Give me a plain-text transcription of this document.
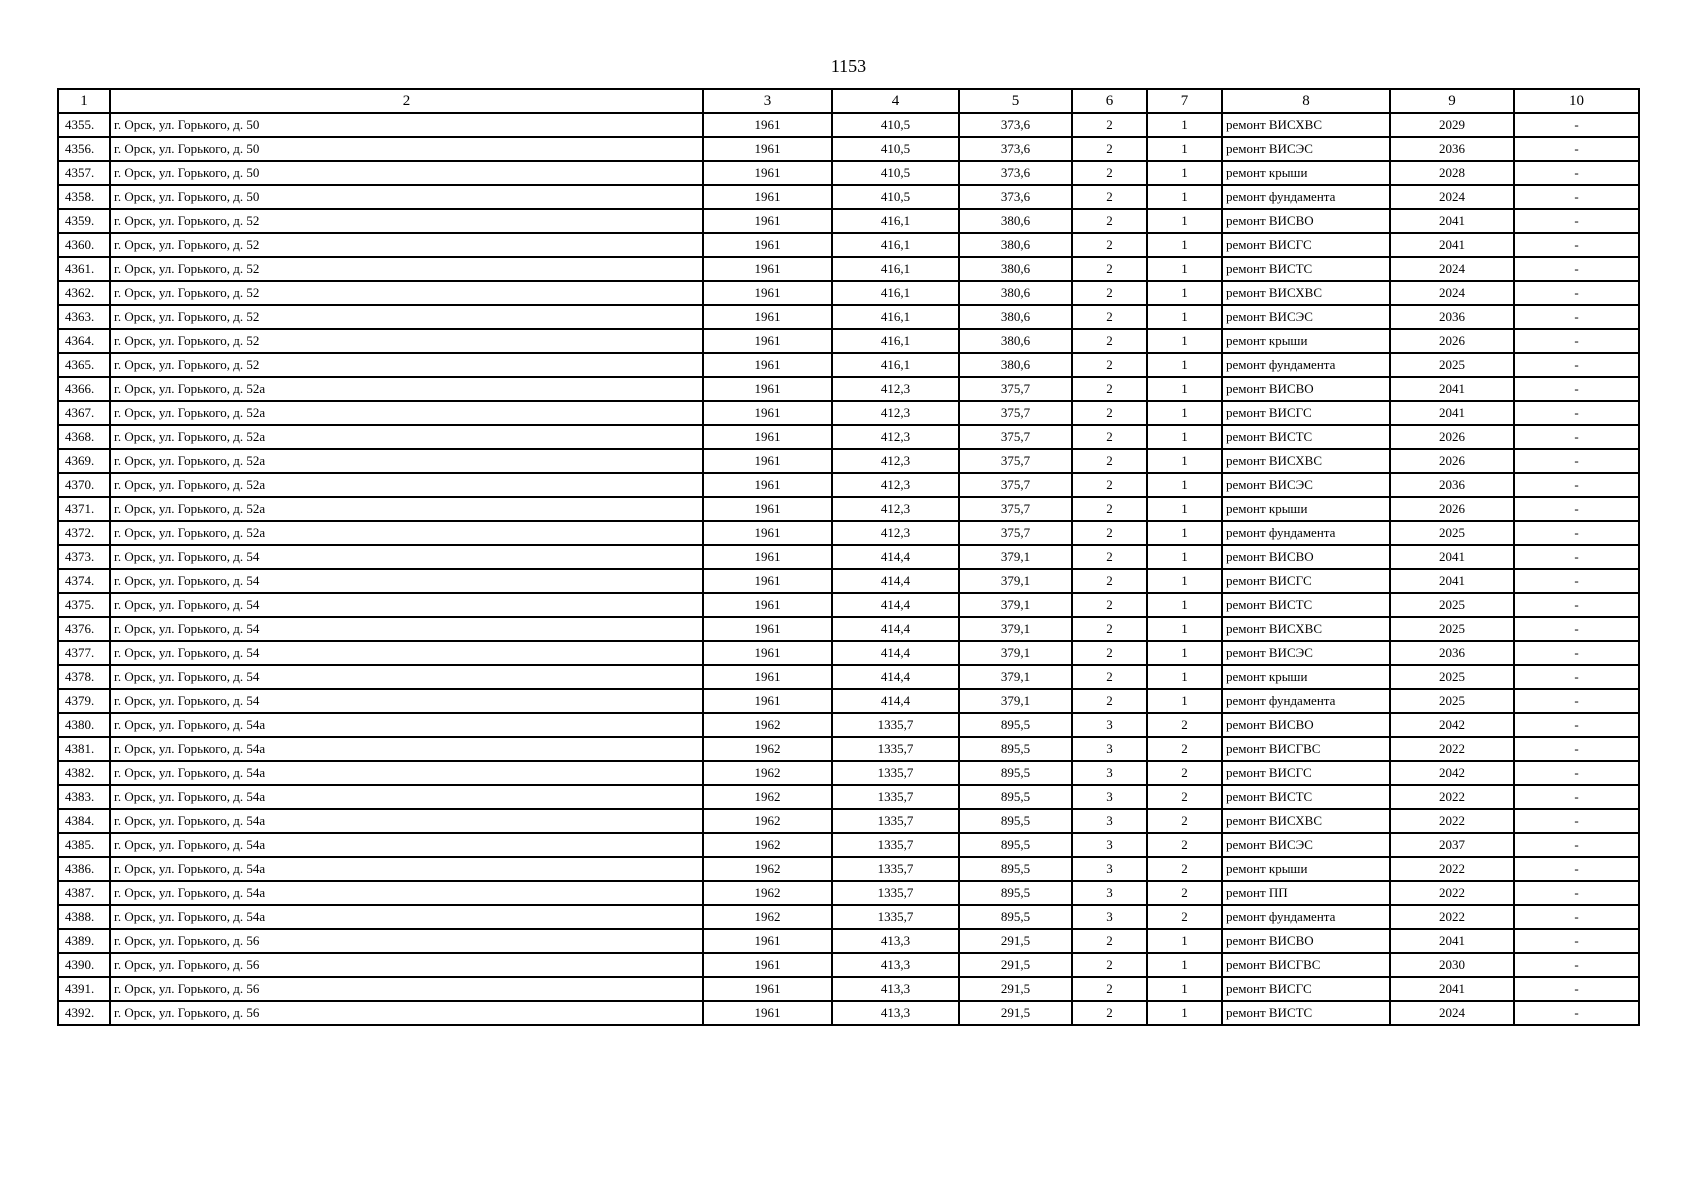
1153
1	2	3	4	5	6	7	8	9	10
4355.	г. Орск, ул. Горького, д. 50	1961	410,5	373,6	2	1	ремонт ВИСХВС	2029	-
4356.	г. Орск, ул. Горького, д. 50	1961	410,5	373,6	2	1	ремонт ВИСЭС	2036	-
4357.	г. Орск, ул. Горького, д. 50	1961	410,5	373,6	2	1	ремонт крыши	2028	-
4358.	г. Орск, ул. Горького, д. 50	1961	410,5	373,6	2	1	ремонт фундамента	2024	-
4359.	г. Орск, ул. Горького, д. 52	1961	416,1	380,6	2	1	ремонт ВИСВО	2041	-
4360.	г. Орск, ул. Горького, д. 52	1961	416,1	380,6	2	1	ремонт ВИСГС	2041	-
4361.	г. Орск, ул. Горького, д. 52	1961	416,1	380,6	2	1	ремонт ВИСТС	2024	-
4362.	г. Орск, ул. Горького, д. 52	1961	416,1	380,6	2	1	ремонт ВИСХВС	2024	-
4363.	г. Орск, ул. Горького, д. 52	1961	416,1	380,6	2	1	ремонт ВИСЭС	2036	-
4364.	г. Орск, ул. Горького, д. 52	1961	416,1	380,6	2	1	ремонт крыши	2026	-
4365.	г. Орск, ул. Горького, д. 52	1961	416,1	380,6	2	1	ремонт фундамента	2025	-
4366.	г. Орск, ул. Горького, д. 52а	1961	412,3	375,7	2	1	ремонт ВИСВО	2041	-
4367.	г. Орск, ул. Горького, д. 52а	1961	412,3	375,7	2	1	ремонт ВИСГС	2041	-
4368.	г. Орск, ул. Горького, д. 52а	1961	412,3	375,7	2	1	ремонт ВИСТС	2026	-
4369.	г. Орск, ул. Горького, д. 52а	1961	412,3	375,7	2	1	ремонт ВИСХВС	2026	-
4370.	г. Орск, ул. Горького, д. 52а	1961	412,3	375,7	2	1	ремонт ВИСЭС	2036	-
4371.	г. Орск, ул. Горького, д. 52а	1961	412,3	375,7	2	1	ремонт крыши	2026	-
4372.	г. Орск, ул. Горького, д. 52а	1961	412,3	375,7	2	1	ремонт фундамента	2025	-
4373.	г. Орск, ул. Горького, д. 54	1961	414,4	379,1	2	1	ремонт ВИСВО	2041	-
4374.	г. Орск, ул. Горького, д. 54	1961	414,4	379,1	2	1	ремонт ВИСГС	2041	-
4375.	г. Орск, ул. Горького, д. 54	1961	414,4	379,1	2	1	ремонт ВИСТС	2025	-
4376.	г. Орск, ул. Горького, д. 54	1961	414,4	379,1	2	1	ремонт ВИСХВС	2025	-
4377.	г. Орск, ул. Горького, д. 54	1961	414,4	379,1	2	1	ремонт ВИСЭС	2036	-
4378.	г. Орск, ул. Горького, д. 54	1961	414,4	379,1	2	1	ремонт крыши	2025	-
4379.	г. Орск, ул. Горького, д. 54	1961	414,4	379,1	2	1	ремонт фундамента	2025	-
4380.	г. Орск, ул. Горького, д. 54а	1962	1335,7	895,5	3	2	ремонт ВИСВО	2042	-
4381.	г. Орск, ул. Горького, д. 54а	1962	1335,7	895,5	3	2	ремонт ВИСГВС	2022	-
4382.	г. Орск, ул. Горького, д. 54а	1962	1335,7	895,5	3	2	ремонт ВИСГС	2042	-
4383.	г. Орск, ул. Горького, д. 54а	1962	1335,7	895,5	3	2	ремонт ВИСТС	2022	-
4384.	г. Орск, ул. Горького, д. 54а	1962	1335,7	895,5	3	2	ремонт ВИСХВС	2022	-
4385.	г. Орск, ул. Горького, д. 54а	1962	1335,7	895,5	3	2	ремонт ВИСЭС	2037	-
4386.	г. Орск, ул. Горького, д. 54а	1962	1335,7	895,5	3	2	ремонт крыши	2022	-
4387.	г. Орск, ул. Горького, д. 54а	1962	1335,7	895,5	3	2	ремонт ПП	2022	-
4388.	г. Орск, ул. Горького, д. 54а	1962	1335,7	895,5	3	2	ремонт фундамента	2022	-
4389.	г. Орск, ул. Горького, д. 56	1961	413,3	291,5	2	1	ремонт ВИСВО	2041	-
4390.	г. Орск, ул. Горького, д. 56	1961	413,3	291,5	2	1	ремонт ВИСГВС	2030	-
4391.	г. Орск, ул. Горького, д. 56	1961	413,3	291,5	2	1	ремонт ВИСГС	2041	-
4392.	г. Орск, ул. Горького, д. 56	1961	413,3	291,5	2	1	ремонт ВИСТС	2024	-
